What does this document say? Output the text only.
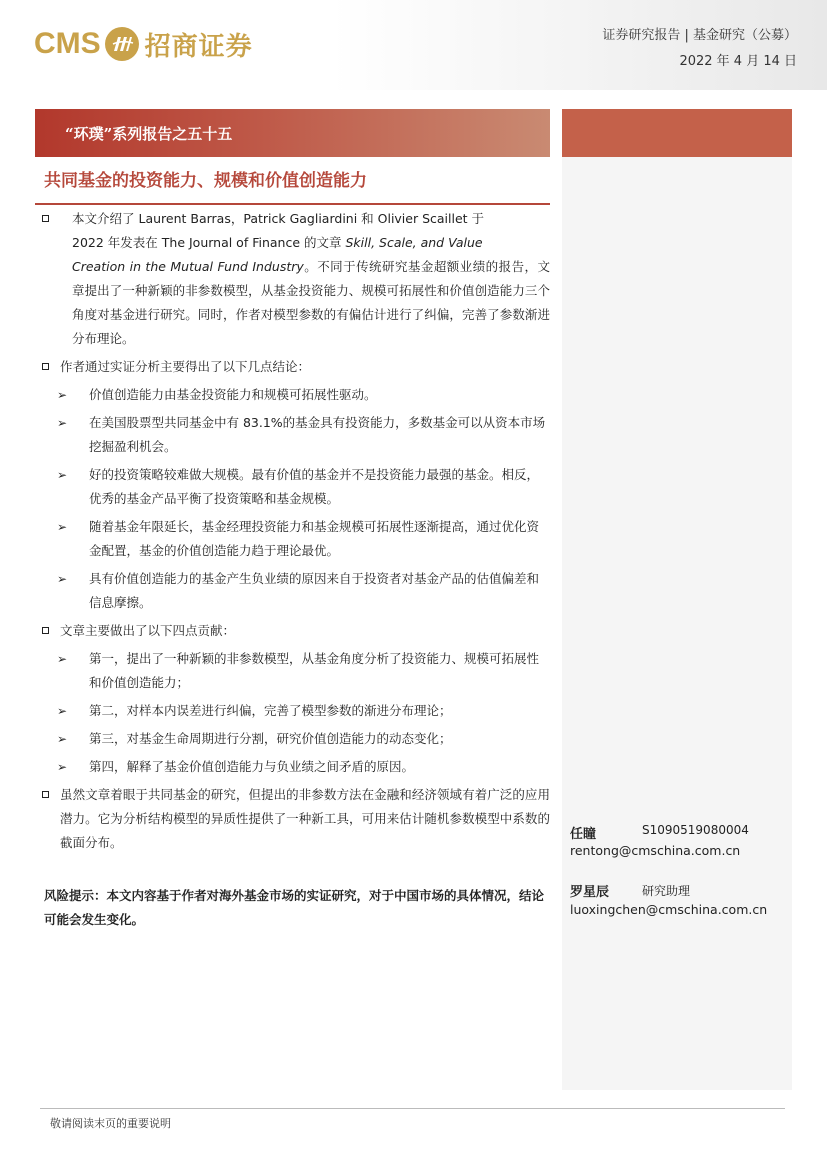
CMS 招商证券	证券研究报告 | 基金研究（公募）
2022 年 4 月 14 日
“环璞”系列报告之五十五
共同基金的投资能力、规模和价值创造能力
本文介绍了 Laurent Barras，Patrick Gagliardini 和 Olivier Scaillet 于
2022 年发表在 The Journal of Finance 的文章 Skill, Scale, and Value
Creation in the Mutual Fund Industry。不同于传统研究基金超额业绩的报告，文章提出了一种新颖的非参数模型，从基金投资能力、规模可拓展性和价值创造能力三个角度对基金进行研究。同时，作者对模型参数的有偏估计进行了纠偏，完善了参数渐进分布理论。
作者通过实证分析主要得出了以下几点结论：
➢ 价值创造能力由基金投资能力和规模可拓展性驱动。
➢ 在美国股票型共同基金中有 83.1%的基金具有投资能力，多数基金可以从资本市场挖掘盈利机会。
➢ 好的投资策略较难做大规模。最有价值的基金并不是投资能力最强的基金。相反，优秀的基金产品平衡了投资策略和基金规模。
➢ 随着基金年限延长，基金经理投资能力和基金规模可拓展性逐渐提高，通过优化资金配置，基金的价值创造能力趋于理论最优。
➢ 具有价值创造能力的基金产生负业绩的原因来自于投资者对基金产品的估值偏差和信息摩擦。
文章主要做出了以下四点贡献：
➢ 第一，提出了一种新颖的非参数模型，从基金角度分析了投资能力、规模可拓展性和价值创造能力；
➢ 第二，对样本内误差进行纠偏，完善了模型参数的渐进分布理论；
➢ 第三，对基金生命周期进行分割，研究价值创造能力的动态变化；
➢ 第四，解释了基金价值创造能力与负业绩之间矛盾的原因。
虽然文章着眼于共同基金的研究，但提出的非参数方法在金融和经济领域有着广泛的应用潜力。它为分析结构模型的异质性提供了一种新工具，可用来估计随机参数模型中系数的截面分布。
风险提示：本文内容基于作者对海外基金市场的实证研究，对于中国市场的具体情况，结论可能会发生变化。
任瞳	S1090519080004
rentong@cmschina.com.cn
罗星辰	研究助理
luoxingchen@cmschina.com.cn
敬请阅读末页的重要说明
